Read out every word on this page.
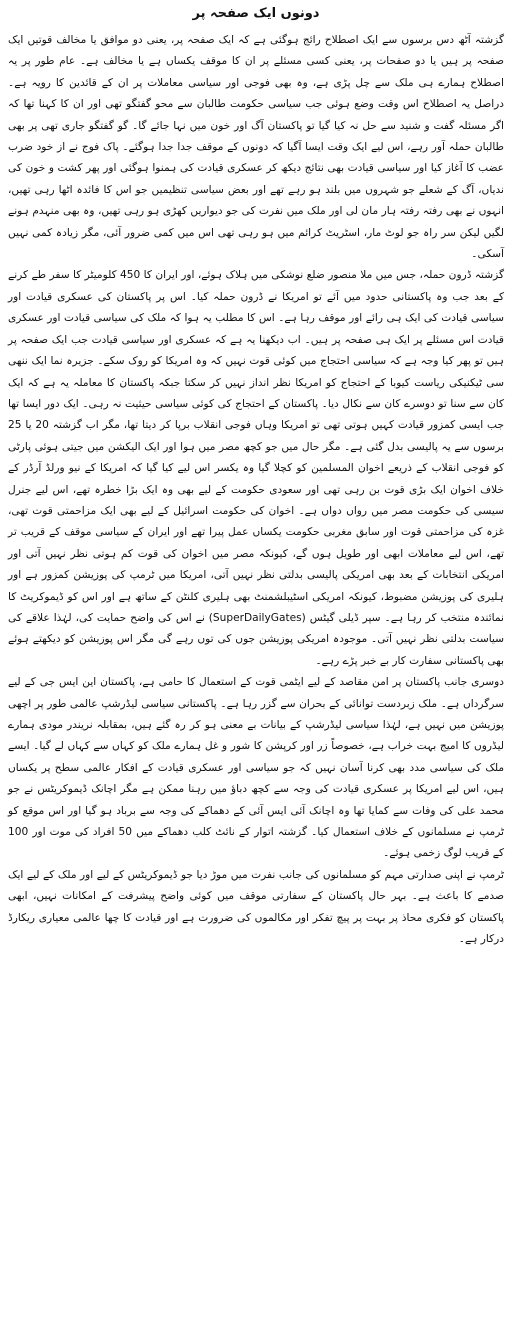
دونوں ایک صفحہ پر

گزشتہ آٹھ دس برسوں سے ایک اصطلاح رائج ہوگئی ہے کہ ایک صفحہ پر، یعنی دو موافق یا مخالف قوتیں ایک صفحہ پر ہیں یا دو صفحات پر، یعنی کسی مسئلے پر ان کا موقف یکساں ہے یا مخالف ہے۔ عام طور پر یہ اصطلاح ہمارے ہی ملک سے چل پڑی ہے، وہ بھی فوجی اور سیاسی معاملات پر ان کے قائدین کا رویہ ہے۔ دراصل یہ اصطلاح اس وقت وضع ہوئی جب سیاسی حکومت طالبان سے محو گفتگو تھی اور ان کا کہنا تھا کہ اگر مسئلہ گفت و شنید سے حل نہ کیا گیا تو پاکستان آگ اور خون میں نہا جائے گا۔ گو گفتگو جاری تھی پر بھی طالبان حملہ آور رہے، اس لیے ایک وقت ایسا آگیا کہ دونوں کے موقف جدا جدا ہوگئے۔ پاک فوج نے از خود ضرب عضب کا آغاز کیا اور سیاسی قیادت بھی نتائج دیکھ کر عسکری قیادت کی ہمنوا ہوگئی اور پھر کشت و خون کی ندیاں، آگ کے شعلے جو شہروں میں بلند ہو رہے تھے اور بعض سیاسی تنظیمیں جو اس کا فائدہ اٹھا رہی تھیں، انہوں نے بھی رفتہ رفتہ ہار مان لی اور ملک میں نفرت کی جو دیواریں کھڑی ہو رہی تھیں، وہ بھی منہدم ہونے لگیں لیکن سر راہ جو لوٹ مار، اسٹریٹ کرائم میں ہو رہی تھی اس میں کمی ضرور آئی، مگر زیادہ کمی نہیں آسکی۔

گزشتہ ڈرون حملہ، جس میں ملا منصور ضلع نوشکی میں ہلاک ہوئے، اور ایران کا 450 کلومیٹر کا سفر طے کرنے کے بعد جب وہ پاکستانی حدود میں آئے تو امریکا نے ڈرون حملہ کیا۔ اس پر پاکستان کی عسکری قیادت اور سیاسی قیادت کی ایک ہی رائے اور موقف رہا ہے۔ اس کا مطلب یہ ہوا کہ ملک کی سیاسی قیادت اور عسکری قیادت اس مسئلے پر ایک ہی صفحہ پر ہیں۔ اب دیکھنا یہ ہے کہ عسکری اور سیاسی قیادت جب ایک صفحہ پر ہیں تو پھر کیا وجہ ہے کہ سیاسی احتجاج میں کوئی قوت نہیں کہ وہ امریکا کو روک سکے۔ جزیرہ نما ایک ننھی سی ٹیکنیکی ریاست کیوبا کے احتجاج کو امریکا نظر انداز نہیں کر سکتا جبکہ پاکستان کا معاملہ یہ ہے کہ ایک کان سے سنا تو دوسرے کان سے نکال دیا۔ پاکستان کے احتجاج کی کوئی سیاسی حیثیت نہ رہی۔ ایک دور ایسا تھا جب ایسی کمزور قیادت کہیں ہوتی تھی تو امریکا وہاں فوجی انقلاب برپا کر دیتا تھا، مگر اب گزشتہ 20 یا 25 برسوں سے یہ پالیسی بدل گئی ہے۔ مگر حال میں جو کچھ مصر میں ہوا اور ایک الیکشن میں جیتی ہوئی پارٹی کو فوجی انقلاب کے ذریعے اخوان المسلمین کو کچلا گیا وہ یکسر اس لیے کیا گیا کہ امریکا کے نیو ورلڈ آرڈر کے خلاف اخوان ایک بڑی قوت بن رہی تھی اور سعودی حکومت کے لیے بھی وہ ایک بڑا خطرہ تھے، اس لیے جنرل سیسی کی حکومت مصر میں رواں دواں ہے۔ اخوان کی حکومت اسرائیل کے لیے بھی ایک مزاحمتی قوت تھی، غزہ کی مزاحمتی قوت اور سابق مغربی حکومت یکساں عمل پیرا تھے اور ایران کے سیاسی موقف کے قریب تر تھے، اس لیے معاملات ابھی اور طویل ہوں گے، کیونکہ مصر میں اخوان کی قوت کم ہوتی نظر نہیں آتی اور امریکی انتخابات کے بعد بھی امریکی پالیسی بدلتی نظر نہیں آتی، امریکا میں ٹرمپ کی پوزیشن کمزور ہے اور ہلیری کی پوزیشن مضبوط، کیونکہ امریکی اسٹیبلشمنٹ بھی ہلیری کلنٹن کے ساتھ ہے اور اس کو ڈیموکریٹ کا نمائندہ منتخب کر رہا ہے۔ سپر ڈیلی گیٹس (SuperDailyGates) نے اس کی واضح حمایت کی، لہٰذا علاقے کی سیاست بدلتی نظر نہیں آتی۔ موجودہ امریکی پوزیشن جوں کی توں رہے گی مگر اس پوزیشن کو دیکھتے ہوئے بھی پاکستانی سفارت کار بے خبر پڑے رہے۔

دوسری جانب پاکستان پر امن مقاصد کے لیے ایٹمی قوت کے استعمال کا حامی ہے، پاکستان این ایس جی کے لیے سرگرداں ہے۔ ملک زبردست توانائی کے بحران سے گزر رہا ہے۔ پاکستانی سیاسی لیڈرشپ عالمی طور پر اچھی پوزیشن میں نہیں ہے، لہٰذا سیاسی لیڈرشپ کے بیانات بے معنی ہو کر رہ گئے ہیں، بمقابلہ نریندر مودی ہمارے لیڈروں کا امیج بہت خراب ہے، خصوصاً زر اور کرپشن کا شور و غل ہمارے ملک کو کہاں سے کہاں لے گیا۔ ایسے ملک کی سیاسی مدد بھی کرنا آسان نہیں کہ جو سیاسی اور عسکری قیادت کے افکار عالمی سطح پر یکساں ہیں، اس لیے امریکا پر عسکری قیادت کی وجہ سے کچھ دباؤ میں رہنا ممکن ہے مگر اچانک ڈیموکریٹس نے جو محمد علی کی وفات سے کمایا تھا وہ اچانک آئی ایس آئی کے دھماکے کی وجہ سے برباد ہو گیا اور اس موقع کو ٹرمپ نے مسلمانوں کے خلاف استعمال کیا۔ گزشتہ اتوار کے نائٹ کلب دھماکے میں 50 افراد کی موت اور 100 کے قریب لوگ زخمی ہوئے۔

ٹرمپ نے اپنی صدارتی مہم کو مسلمانوں کی جانب نفرت میں موڑ دیا جو ڈیموکریٹس کے لیے اور ملک کے لیے ایک صدمے کا باعث ہے۔ بہر حال پاکستان کے سفارتی موقف میں کوئی واضح پیشرفت کے امکانات نہیں، ابھی پاکستان کو فکری محاذ پر بہت پر پیچ تفکر اور مکالموں کی ضرورت ہے اور قیادت کا چھا عالمی معیاری ریکارڈ درکار ہے۔
